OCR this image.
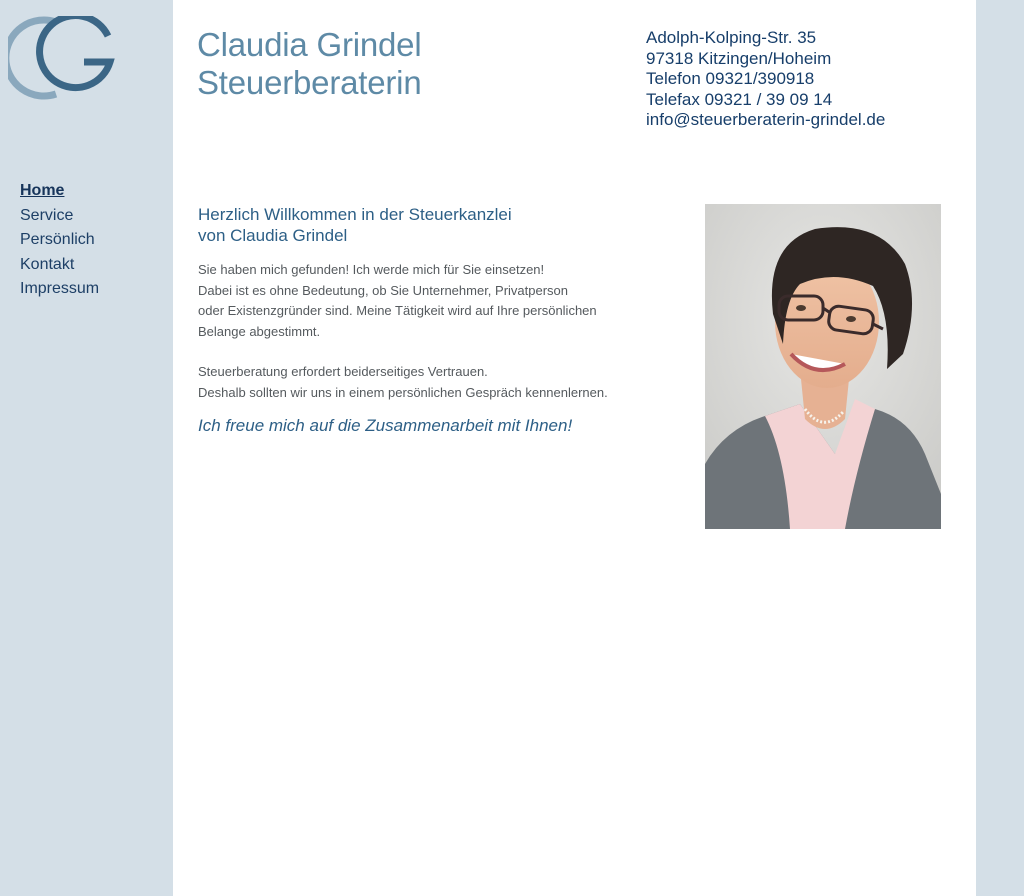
Home
Service
Persönlich
Kontakt
Impressum
Claudia Grindel
Steuerberaterin
Adolph-Kolping-Str. 35
97318 Kitzingen/Hoheim
Telefon 09321/390918
Telefax 09321 / 39 09 14
info@steuerberaterin-grindel.de
Herzlich Willkommen in der Steuerkanzlei
von Claudia Grindel
Sie haben mich gefunden! Ich werde mich für Sie einsetzen!
Dabei ist es ohne Bedeutung, ob Sie Unternehmer, Privatperson
oder Existenzgründer sind. Meine Tätigkeit wird auf Ihre persönlichen
Belange abgestimmt.
Steuerberatung erfordert beiderseitiges Vertrauen.
Deshalb sollten wir uns in einem persönlichen Gespräch kennenlernen.

Ich freue mich auf die Zusammenarbeit mit Ihnen!
